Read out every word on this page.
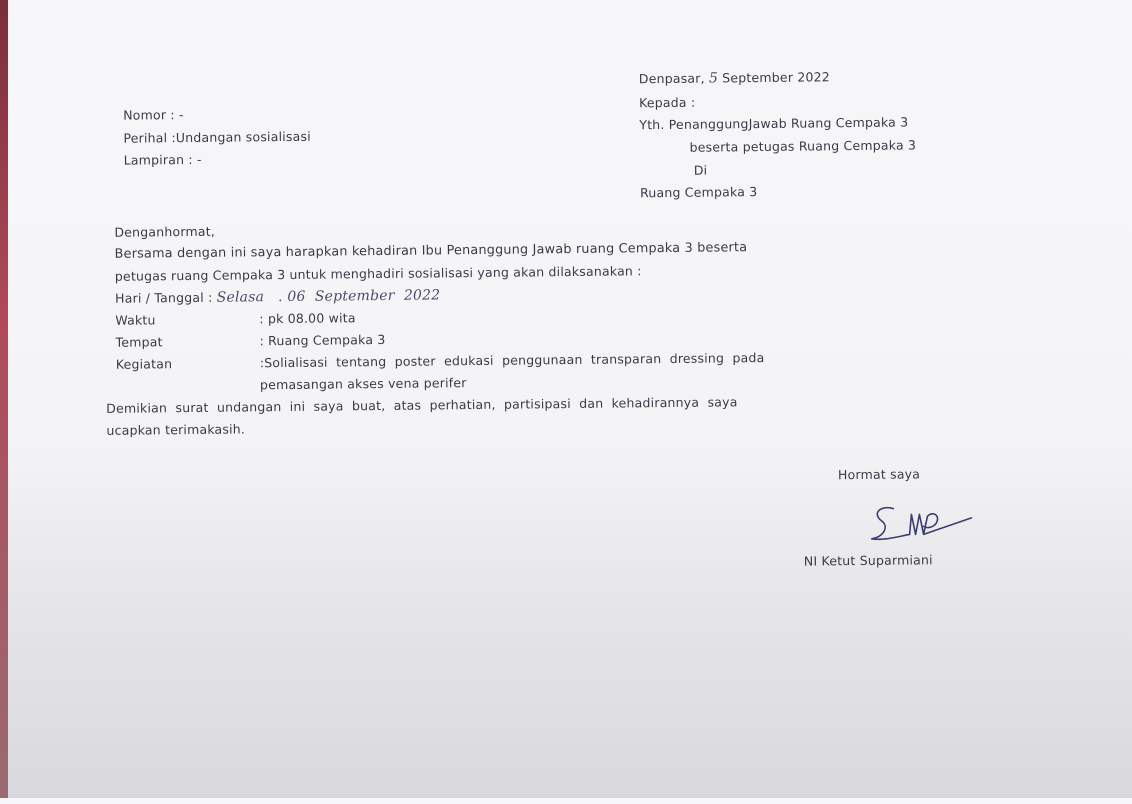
Denpasar, 5 September 2022
Kepada :
Yth. PenanggungJawab Ruang Cempaka 3
beserta petugas Ruang Cempaka 3
Di
Ruang Cempaka 3
Nomor : -
Perihal :Undangan sosialisasi
Lampiran : -
Denganhormat,
Bersama dengan ini saya harapkan kehadiran Ibu Penanggung Jawab ruang Cempaka 3 beserta
petugas ruang Cempaka 3 untuk menghadiri sosialisasi yang akan dilaksanakan :
Hari / Tanggal : Selasa   . 06  September  2022
Waktu	: pk 08.00 wita
Tempat	: Ruang Cempaka 3
Kegiatan	:Solialisasi  tentang  poster  edukasi  penggunaan  transparan  dressing  pada
pemasangan akses vena perifer
Demikian  surat  undangan  ini  saya  buat,  atas  perhatian,  partisipasi  dan  kehadirannya  saya
ucapkan terimakasih.
Hormat saya
NI Ketut Suparmiani
